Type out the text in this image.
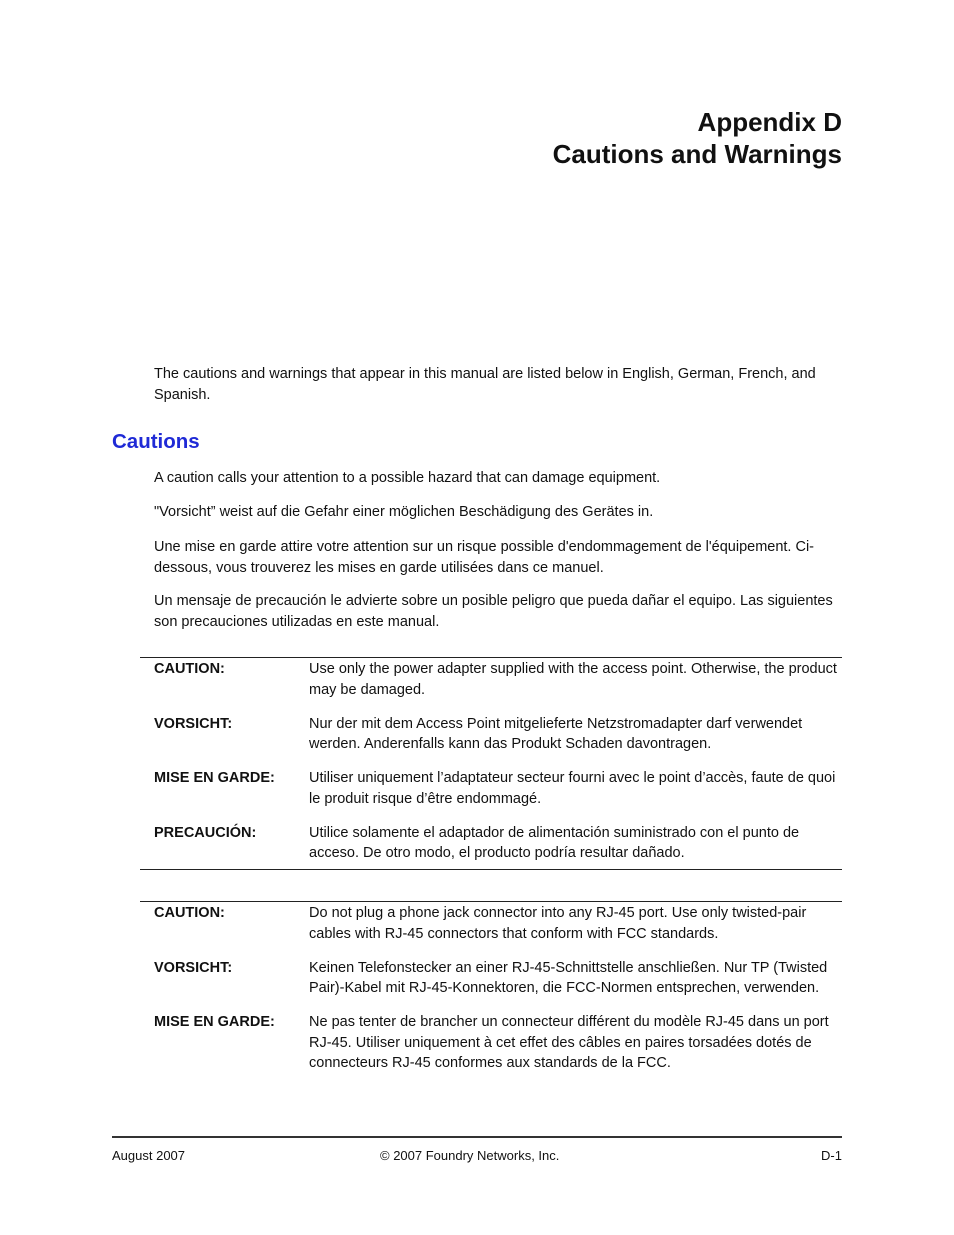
Appendix D
Cautions and Warnings

The cautions and warnings that appear in this manual are listed below in English, German, French, and Spanish.

Cautions

A caution calls your attention to a possible hazard that can damage equipment.

"Vorsicht” weist auf die Gefahr einer möglichen Beschädigung des Gerätes in.

Une mise en garde attire votre attention sur un risque possible d'endommagement de l'équipement. Ci-dessous, vous trouverez les mises en garde utilisées dans ce manuel.

Un mensaje de precaución le advierte sobre un posible peligro que pueda dañar el equipo. Las siguientes son precauciones utilizadas en este manual.

CAUTION:	Use only the power adapter supplied with the access point. Otherwise, the product may be damaged.
VORSICHT:	Nur der mit dem Access Point mitgelieferte Netzstromadapter darf verwendet werden. Anderenfalls kann das Produkt Schaden davontragen.
MISE EN GARDE:	Utiliser uniquement l’adaptateur secteur fourni avec le point d’accès, faute de quoi le produit risque d’être endommagé.
PRECAUCIÓN:	Utilice solamente el adaptador de alimentación suministrado con el punto de acceso. De otro modo, el producto podría resultar dañado.
CAUTION:	Do not plug a phone jack connector into any RJ-45 port. Use only twisted-pair cables with RJ-45 connectors that conform with FCC standards.
VORSICHT:	Keinen Telefonstecker an einer RJ-45-Schnittstelle anschließen. Nur TP (Twisted Pair)-Kabel mit RJ-45-Konnektoren, die FCC-Normen entsprechen, verwenden.
MISE EN GARDE:	Ne pas tenter de brancher un connecteur différent du modèle RJ-45 dans un port RJ-45. Utiliser uniquement à cet effet des câbles en paires torsadées dotés de connecteurs RJ-45 conformes aux standards de la FCC.

August 2007	© 2007 Foundry Networks, Inc.	D-1
